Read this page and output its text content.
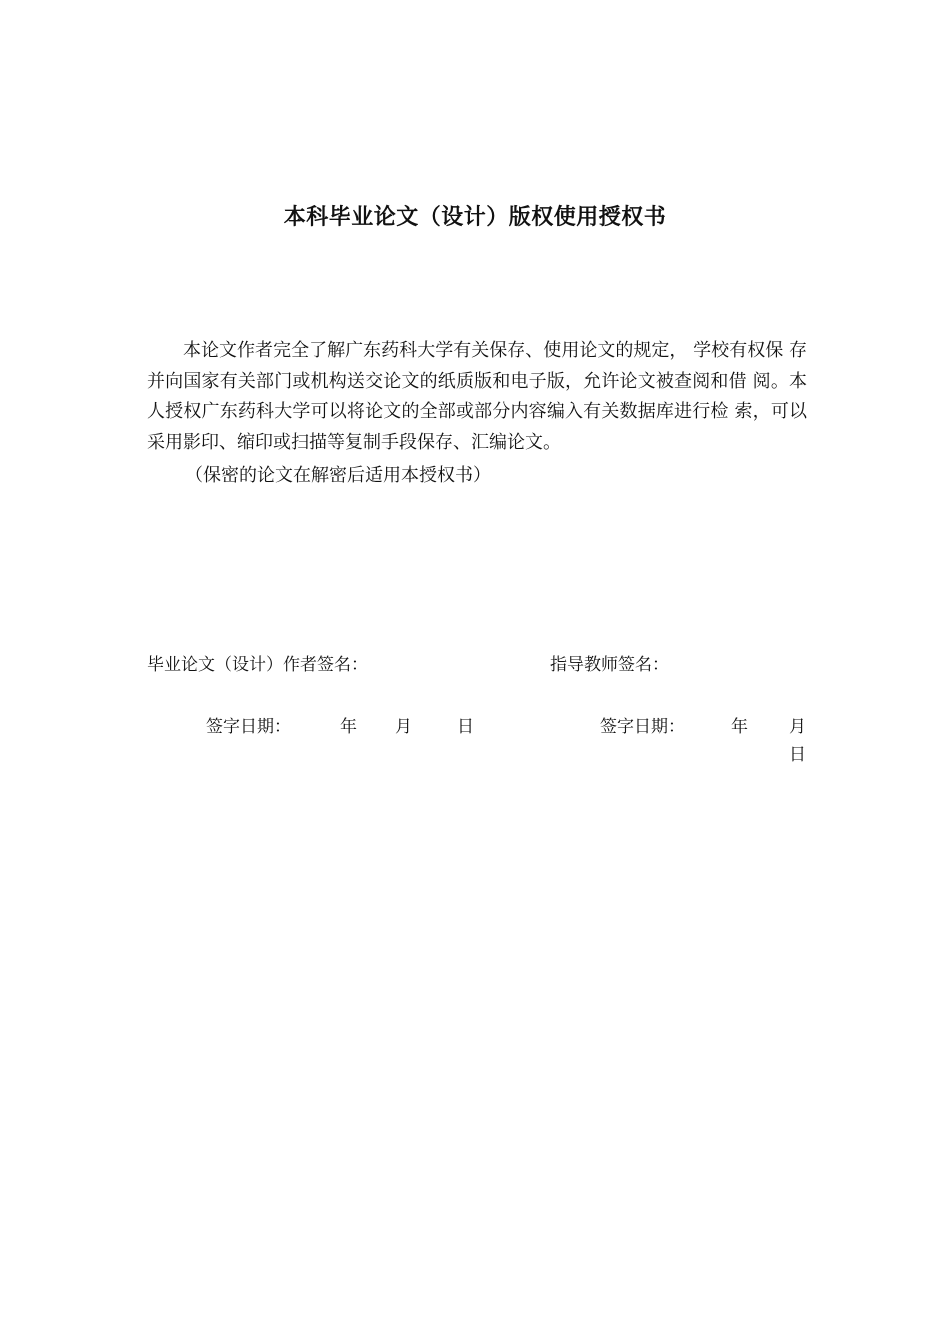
本科毕业论文（设计）版权使用授权书

本论文作者完全了解广东药科大学有关保存、使用论文的规定， 学校有权保 存并向国家有关部门或机构送交论文的纸质版和电子版，允许论文被查阅和借 阅。本人授权广东药科大学可以将论文的全部或部分内容编入有关数据库进行检 索，可以采用影印、缩印或扫描等复制手段保存、汇编论文。

（保密的论文在解密后适用本授权书）

毕业论文（设计）作者签名：	指导教师签名：
签字日期：	年 月	日	签字日期：	年 月
日
